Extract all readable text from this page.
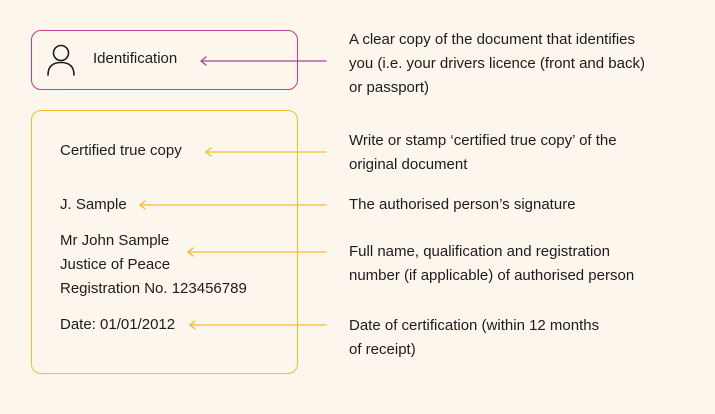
Identification
Certified true copy
J. Sample
Mr John Sample
Justice of Peace
Registration No. 123456789
Date: 01/01/2012
A clear copy of the document that identifies
you (i.e. your drivers licence (front and back)
or passport)
Write or stamp ‘certified true copy’ of the
original document
The authorised person’s signature
Full name, qualification and registration
number (if applicable) of authorised person
Date of certification (within 12 months
of receipt)
